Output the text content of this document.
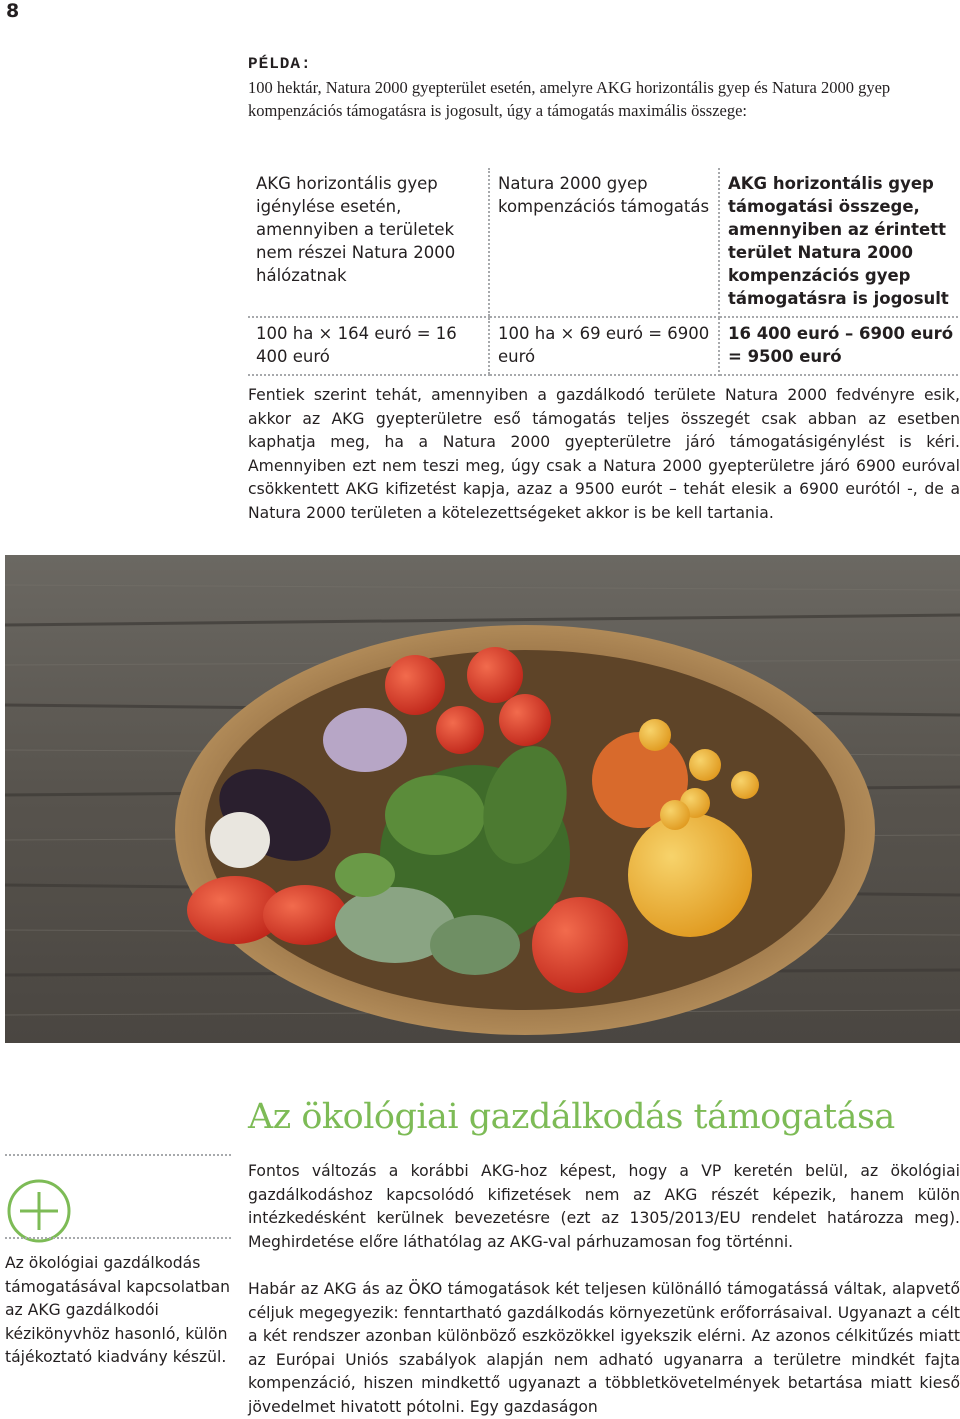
8
PÉLDA:

100 hektár, Natura 2000 gyepterület esetén, amelyre AKG horizontális gyep és Natura 2000 gyep kompenzációs támogatásra is jogosult, úgy a támogatás maximális összege:

AKG horizontális gyep igénylése esetén, amennyiben a területek nem részei Natura 2000 hálózatnak	Natura 2000 gyep kompenzációs támogatás	AKG horizontális gyep támogatási összege, amennyiben az érintett terület Natura 2000 kompenzációs gyep támogatásra is jogosult
100 ha × 164 euró = 16 400 euró	100 ha × 69 euró = 6900 euró	16 400 euró – 6900 euró = 9500 euró

Fentiek szerint tehát, amennyiben a gazdálkodó területe Natura 2000 fedvényre esik, akkor az AKG gyepterületre eső támogatás teljes összegét csak abban az esetben kaphatja meg, ha a Natura 2000 gyepterületre járó támogatásigénylést is kéri. Amennyiben ezt nem teszi meg, úgy csak a Natura 2000 gyepterületre járó 6900 euróval csökkentett AKG kifizetést kapja, azaz a 9500 eurót – tehát elesik a 6900 eurótól -, de a Natura 2000 területen a kötelezettségeket akkor is be kell tartania.

Az ökológiai gazdálkodás támogatása

Az ökológiai gazdálkodás támogatásával kapcsolatban az AKG gazdálkodói kézikönyvhöz hasonló, külön tájékoztató kiadvány készül.

Fontos változás a korábbi AKG-hoz képest, hogy a VP keretén belül, az ökológiai gazdálkodáshoz kapcsolódó kifizetések nem az AKG részét képezik, hanem külön intézkedésként kerülnek bevezetésre (ezt az 1305/2013/EU rendelet határozza meg). Meghirdetése előre láthatólag az AKG-val párhuzamosan fog történni.

Habár az AKG ás az ÖKO támogatások két teljesen különálló támogatássá váltak, alapvető céljuk megegyezik: fenntartható gazdálkodás környezetünk erőforrásaival. Ugyanazt a célt a két rendszer azonban különböző eszközökkel igyekszik elérni. Az azonos célkitűzés miatt az Európai Uniós szabályok alapján nem adható ugyanarra a területre mindkét fajta kompenzáció, hiszen mindkettő ugyanazt a többletkövetelmények betartása miatt kieső jövedelmet hivatott pótolni. Egy gazdaságon
